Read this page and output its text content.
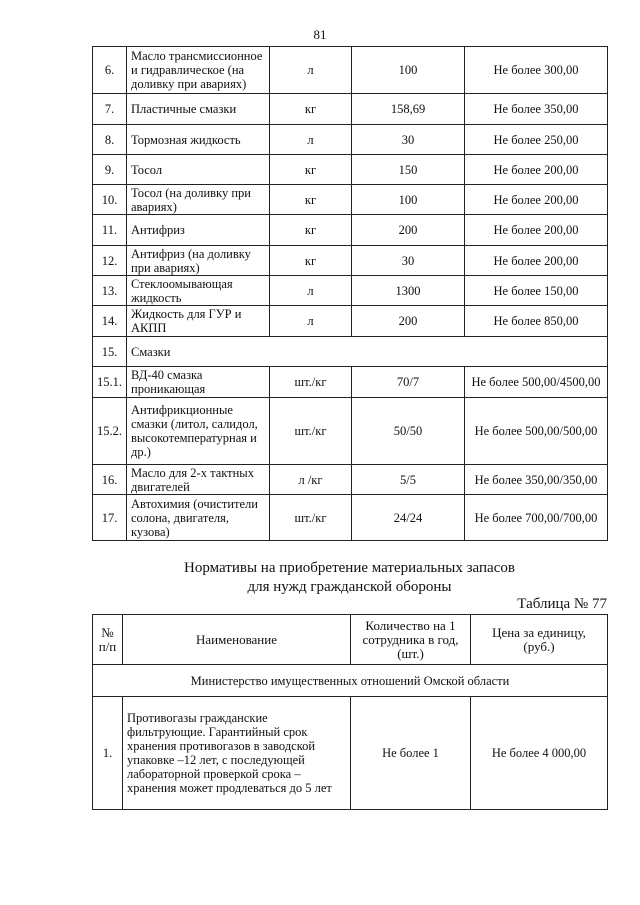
81
6.	Масло трансмиссионное и гидравлическое (на доливку при авариях)	л	100	Не более 300,00
7.	Пластичные смазки	кг	158,69	Не более 350,00
8.	Тормозная жидкость	л	30	Не более 250,00
9.	Тосол	кг	150	Не более 200,00
10.	Тосол (на доливку при авариях)	кг	100	Не более 200,00
11.	Антифриз	кг	200	Не более 200,00
12.	Антифриз (на доливку при авариях)	кг	30	Не более 200,00
13.	Стеклоомывающая жидкость	л	1300	Не более 150,00
14.	Жидкость для ГУР и АКПП	л	200	Не более 850,00
15.	Смазки			
15.1.	ВД-40 смазка проникающая	шт./кг	70/7	Не более 500,00/4500,00
15.2.	Антифрикционные смазки (литол, салидол, высокотемпературная и др.)	шт./кг	50/50	Не более 500,00/500,00
16.	Масло для 2-х тактных двигателей	л /кг	5/5	Не более 350,00/350,00
17.	Автохимия (очистители солона, двигателя, кузова)	шт./кг	24/24	Не более 700,00/700,00
Нормативы на приобретение материальных запасов
для нужд гражданской обороны
Таблица № 77
№ п/п	Наименование	Количество на 1 сотрудника в год, (шт.)	Цена за единицу, (руб.)
Министерство имущественных отношений Омской области			
1.	Противогазы гражданские фильтрующие. Гарантийный срок хранения противогазов в заводской упаковке –12 лет, с последующей лабораторной проверкой срока – хранения может продлеваться до 5 лет	Не более 1	Не более 4 000,00
